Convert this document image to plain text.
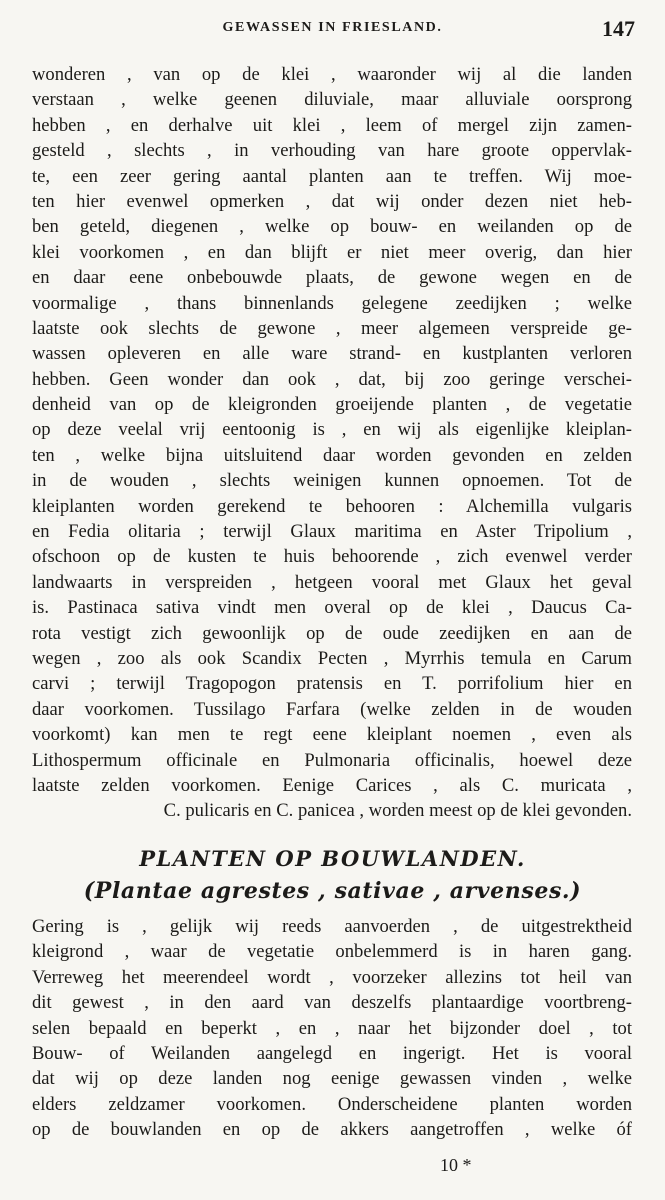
GEWASSEN IN FRIESLAND.	147
wonderen , van op de klei , waaronder wij al die landen
verstaan , welke geenen diluviale, maar alluviale oorsprong
hebben , en derhalve uit klei , leem of mergel zijn zamen-
gesteld , slechts , in verhouding van hare groote oppervlak-
te, een zeer gering aantal planten aan te treffen. Wij moe-
ten hier evenwel opmerken , dat wij onder dezen niet heb-
ben geteld, diegenen , welke op bouw- en weilanden op de
klei voorkomen , en dan blijft er niet meer overig, dan hier
en daar eene onbebouwde plaats, de gewone wegen en de
voormalige , thans binnenlands gelegene zeedijken ; welke
laatste ook slechts de gewone , meer algemeen verspreide ge-
wassen opleveren en alle ware strand- en kustplanten verloren
hebben. Geen wonder dan ook , dat, bij zoo geringe verschei-
denheid van op de kleigronden groeijende planten , de vegetatie
op deze veelal vrij eentoonig is , en wij als eigenlijke kleiplan-
ten , welke bijna uitsluitend daar worden gevonden en zelden
in de wouden , slechts weinigen kunnen opnoemen. Tot de
kleiplanten worden gerekend te behooren : Alchemilla vulgaris
en Fedia olitaria ; terwijl Glaux maritima en Aster Tripolium ,
ofschoon op de kusten te huis behoorende , zich evenwel verder
landwaarts in verspreiden , hetgeen vooral met Glaux het geval
is. Pastinaca sativa vindt men overal op de klei , Daucus Ca-
rota vestigt zich gewoonlijk op de oude zeedijken en aan de
wegen , zoo als ook Scandix Pecten , Myrrhis temula en Carum
carvi ; terwijl Tragopogon pratensis en T. porrifolium hier en
daar voorkomen. Tussilago Farfara (welke zelden in de wouden
voorkomt) kan men te regt eene kleiplant noemen , even als
Lithospermum officinale en Pulmonaria officinalis, hoewel deze
laatste zelden voorkomen. Eenige Carices , als C. muricata ,
C. pulicaris en C. panicea , worden meest op de klei gevonden.
PLANTEN OP BOUWLANDEN.
(Plantae agrestes , sativae , arvenses.)
Gering is , gelijk wij reeds aanvoerden , de uitgestrektheid
kleigrond , waar de vegetatie onbelemmerd is in haren gang.
Verreweg het meerendeel wordt , voorzeker allezins tot heil van
dit gewest , in den aard van deszelfs plantaardige voortbreng-
selen bepaald en beperkt , en , naar het bijzonder doel , tot
Bouw- of Weilanden aangelegd en ingerigt. Het is vooral
dat wij op deze landen nog eenige gewassen vinden , welke
elders zeldzamer voorkomen. Onderscheidene planten worden
op de bouwlanden en op de akkers aangetroffen , welke óf
10 *
